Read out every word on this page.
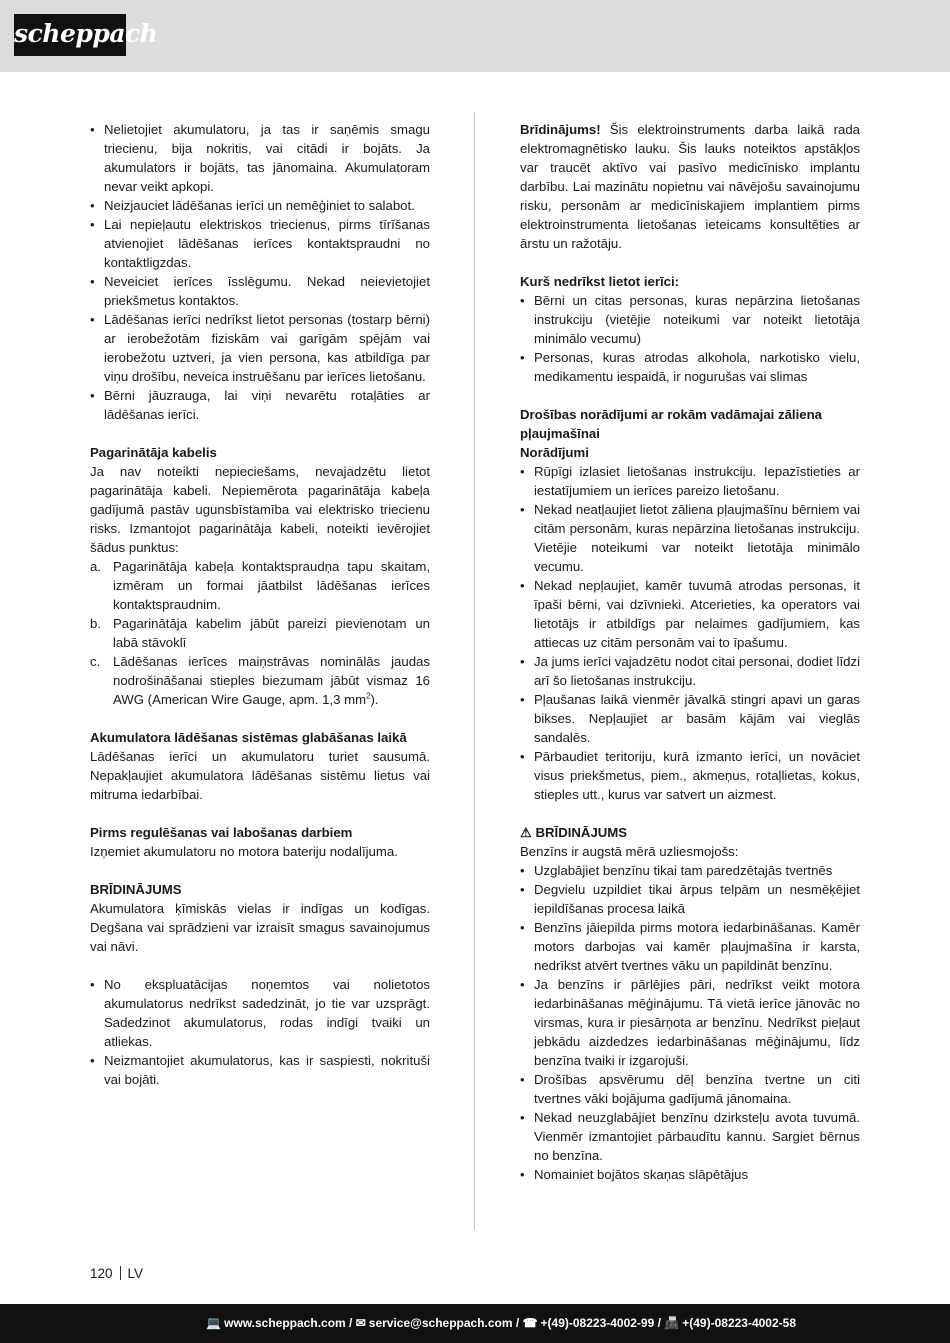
scheppach
• Nelietojiet akumulatoru, ja tas ir saņēmis smagu triecienu, bija nokritis, vai citādi ir bojāts. Ja akumulators ir bojāts, tas jānomaina. Akumulatoram nevar veikt apkopi.
• Neizjauciet lādēšanas ierīci un nemēģiniet to salabot.
• Lai nepieļautu elektriskos triecienus, pirms tīrīšanas atvienojiet lādēšanas ierīces kontaktspraudni no kontaktligzdas.
• Neveiciet ierīces īsslēgumu. Nekad neievietojiet priekšmetus kontaktos.
• Lādēšanas ierīci nedrīkst lietot personas (tostarp bērni) ar ierobežotām fiziskām vai garīgām spējām vai ierobežotu uztveri, ja vien persona, kas atbildīga par viņu drošību, neveica instruēšanu par ierīces lietošanu.
• Bērni jāuzrauga, lai viņi nevarētu rotaļāties ar lādēšanas ierīci.
Pagarinātāja kabelis
Ja nav noteikti nepieciešams, nevajadzētu lietot pagarinātāja kabeli. Nepiemērota pagarinātāja kabeļa gadījumā pastāv ugunsbīstamība vai elektrisko triecienu risks. Izmantojot pagarinātāja kabeli, noteikti ievērojiet šādus punktus:
a. Pagarinātāja kabeļa kontaktspraudņa tapu skaitam, izmēram un formai jāatbilst lādēšanas ierīces kontaktspraudnim.
b. Pagarinātāja kabelim jābūt pareizi pievienotam un labā stāvoklī
c. Lādēšanas ierīces maiņstrāvas nominālās jaudas nodrošināšanai stieples biezumam jābūt vismaz 16 AWG (American Wire Gauge, apm. 1,3 $mm^2$).
Akumulatora lādēšanas sistēmas glabāšanas laikā
Lādēšanas ierīci un akumulatoru turiet sausumā. Nepakļaujiet akumulatora lādēšanas sistēmu lietus vai mitruma iedarbībai.
Pirms regulēšanas vai labošanas darbiem
Izņemiet akumulatoru no motora bateriju nodalījuma.
BRĪDINĀJUMS
Akumulatora ķīmiskās vielas ir indīgas un kodīgas. Degšana vai sprādzieni var izraisīt smagus savainojumus vai nāvi.
• No ekspluatācijas noņemtos vai nolietotos akumulatorus nedrīkst sadedzināt, jo tie var uzsprāgt. Sadedzinot akumulatorus, rodas indīgi tvaiki un atliekas.
• Neizmantojiet akumulatorus, kas ir saspiesti, nokrituši vai bojāti.
Brīdinājums! Šis elektroinstruments darba laikā rada elektromagnētisko lauku. Šis lauks noteiktos apstākļos var traucēt aktīvo vai pasīvo medicīnisko implantu darbību. Lai mazinātu nopietnu vai nāvējošu savainojumu risku, personām ar medicīniskajiem implantiem pirms elektroinstrumenta lietošanas ieteicams konsultēties ar ārstu un ražotāju.
Kurš nedrīkst lietot ierīci:
• Bērni un citas personas, kuras nepārzina lietošanas instrukciju (vietējie noteikumi var noteikt lietotāja minimālo vecumu)
• Personas, kuras atrodas alkohola, narkotisko vielu, medikamentu iespaidā, ir nogurušas vai slimas
Drošības norādījumi ar rokām vadāmajai zāliena pļaujmašīnai
Norādījumi
• Rūpīgi izlasiet lietošanas instrukciju. Iepazīstieties ar iestatījumiem un ierīces pareizo lietošanu.
• Nekad neatļaujiet lietot zāliena pļaujmašīnu bērniem vai citām personām, kuras nepārzina lietošanas instrukciju. Vietējie noteikumi var noteikt lietotāja minimālo vecumu.
• Nekad nepļaujiet, kamēr tuvumā atrodas personas, it īpaši bērni, vai dzīvnieki. Atcerieties, ka operators vai lietotājs ir atbildīgs par nelaimes gadījumiem, kas attiecas uz citām personām vai to īpašumu.
• Ja jums ierīci vajadzētu nodot citai personai, dodiet līdzi arī šo lietošanas instrukciju.
• Pļaušanas laikā vienmēr jāvalkā stingri apavi un garas bikses. Nepļaujiet ar basām kājām vai vieglās sandalēs.
• Pārbaudiet teritoriju, kurā izmanto ierīci, un novāciet visus priekšmetus, piem., akmeņus, rotaļlietas, kokus, stieples utt., kurus var satvert un aizmest.
⚠ BRĪDINĀJUMS
Benzīns ir augstā mērā uzliesmojošs:
• Uzglabājiet benzīnu tikai tam paredzētajās tvertnēs
• Degvielu uzpildiet tikai ārpus telpām un nesmēķējiet iepildīšanas procesa laikā
• Benzīns jāiepilda pirms motora iedarbināšanas. Kamēr motors darbojas vai kamēr pļaujmašīna ir karsta, nedrīkst atvērt tvertnes vāku un papildināt benzīnu.
• Ja benzīns ir pārlējies pāri, nedrīkst veikt motora iedarbināšanas mēģinājumu. Tā vietā ierīce jānovāc no virsmas, kura ir piesārņota ar benzīnu. Nedrīkst pieļaut jebkādu aizdedzes iedarbināšanas mēģinājumu, līdz benzīna tvaiki ir izgarojuši.
• Drošības apsvērumu dēļ benzīna tvertne un citi tvertnes vāki bojājuma gadījumā jānomaina.
• Nekad neuzglabājiet benzīnu dzirksteļu avota tuvumā. Vienmēr izmantojiet pārbaudītu kannu. Sargiet bērnus no benzīna.
• Nomainiet bojātos skaņas slāpētājus
120 LV
💻 www.scheppach.com / ✉ service@scheppach.com / ☎ +(49)-08223-4002-99 / 📠 +(49)-08223-4002-58
